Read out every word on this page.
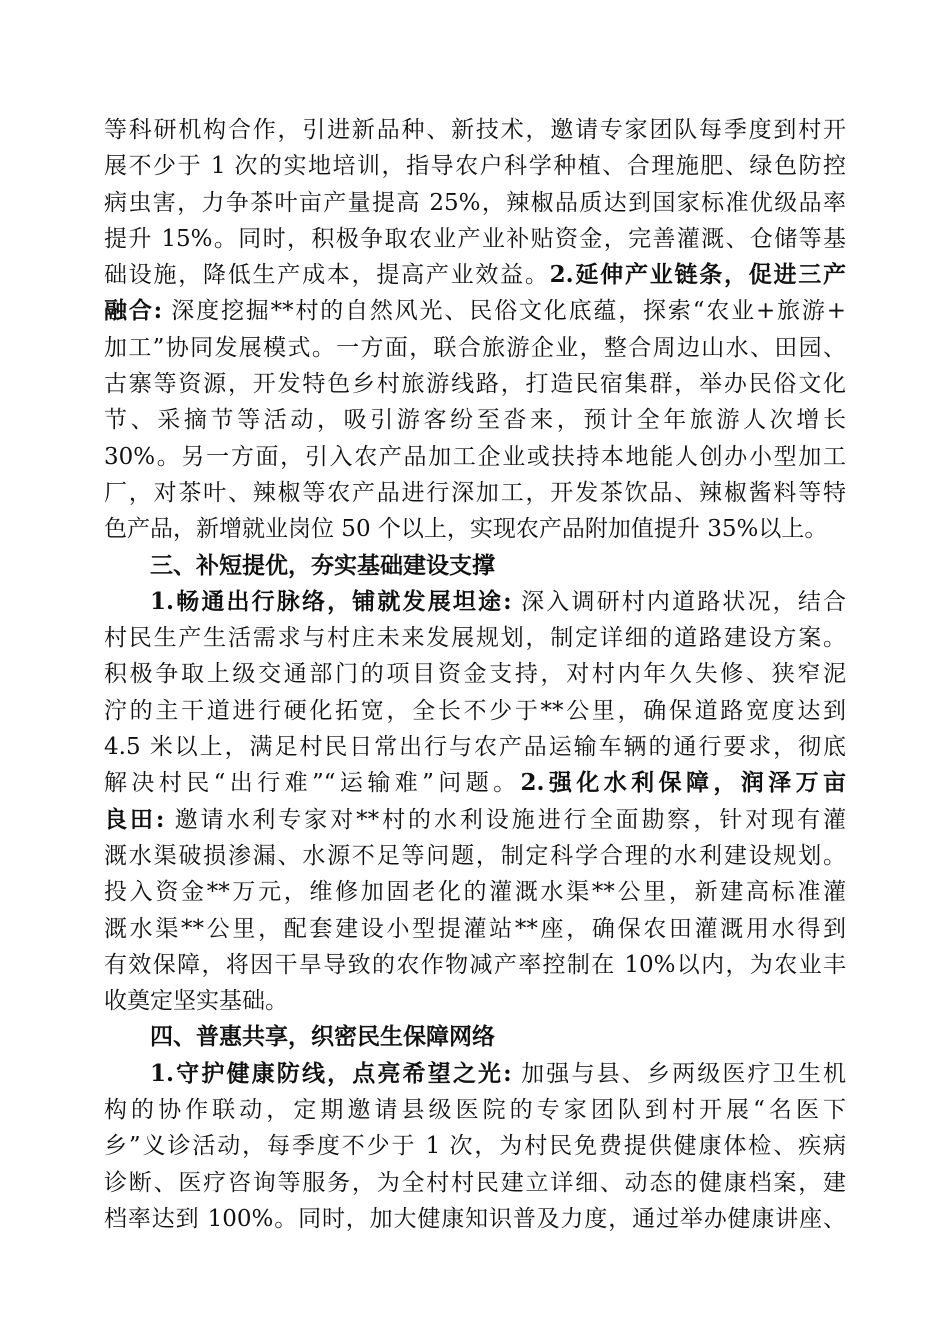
等科研机构合作，引进新品种、新技术，邀请专家团队每季度到村开
展不少于 1 次的实地培训，指导农户科学种植、合理施肥、绿色防控
病虫害，力争茶叶亩产量提高 25%，辣椒品质达到国家标准优级品率
提升 15%。同时，积极争取农业产业补贴资金，完善灌溉、仓储等基
础设施，降低生产成本，提高产业效益。2.延伸产业链条，促进三产
融合: 深度挖掘**村的自然风光、民俗文化底蕴，探索“农业+旅游+
加工”协同发展模式。一方面，联合旅游企业，整合周边山水、田园、
古寨等资源，开发特色乡村旅游线路，打造民宿集群，举办民俗文化
节、采摘节等活动，吸引游客纷至沓来，预计全年旅游人次增长
30%。另一方面，引入农产品加工企业或扶持本地能人创办小型加工
厂，对茶叶、辣椒等农产品进行深加工，开发茶饮品、辣椒酱料等特
色产品，新增就业岗位 50 个以上，实现农产品附加值提升 35%以上。
三、补短提优，夯实基础建设支撑
1.畅通出行脉络，铺就发展坦途: 深入调研村内道路状况，结合
村民生产生活需求与村庄未来发展规划，制定详细的道路建设方案。
积极争取上级交通部门的项目资金支持，对村内年久失修、狭窄泥
泞的主干道进行硬化拓宽，全长不少于**公里，确保道路宽度达到
4.5 米以上，满足村民日常出行与农产品运输车辆的通行要求，彻底
解决村民“出行难”“运输难”问题。2.强化水利保障，润泽万亩
良田: 邀请水利专家对**村的水利设施进行全面勘察，针对现有灌
溉水渠破损渗漏、水源不足等问题，制定科学合理的水利建设规划。
投入资金**万元，维修加固老化的灌溉水渠**公里，新建高标准灌
溉水渠**公里，配套建设小型提灌站**座，确保农田灌溉用水得到
有效保障，将因干旱导致的农作物减产率控制在 10%以内，为农业丰
收奠定坚实基础。
四、普惠共享，织密民生保障网络
1.守护健康防线，点亮希望之光: 加强与县、乡两级医疗卫生机
构的协作联动，定期邀请县级医院的专家团队到村开展“名医下
乡”义诊活动，每季度不少于 1 次，为村民免费提供健康体检、疾病
诊断、医疗咨询等服务，为全村村民建立详细、动态的健康档案，建
档率达到 100%。同时，加大健康知识普及力度，通过举办健康讲座、
